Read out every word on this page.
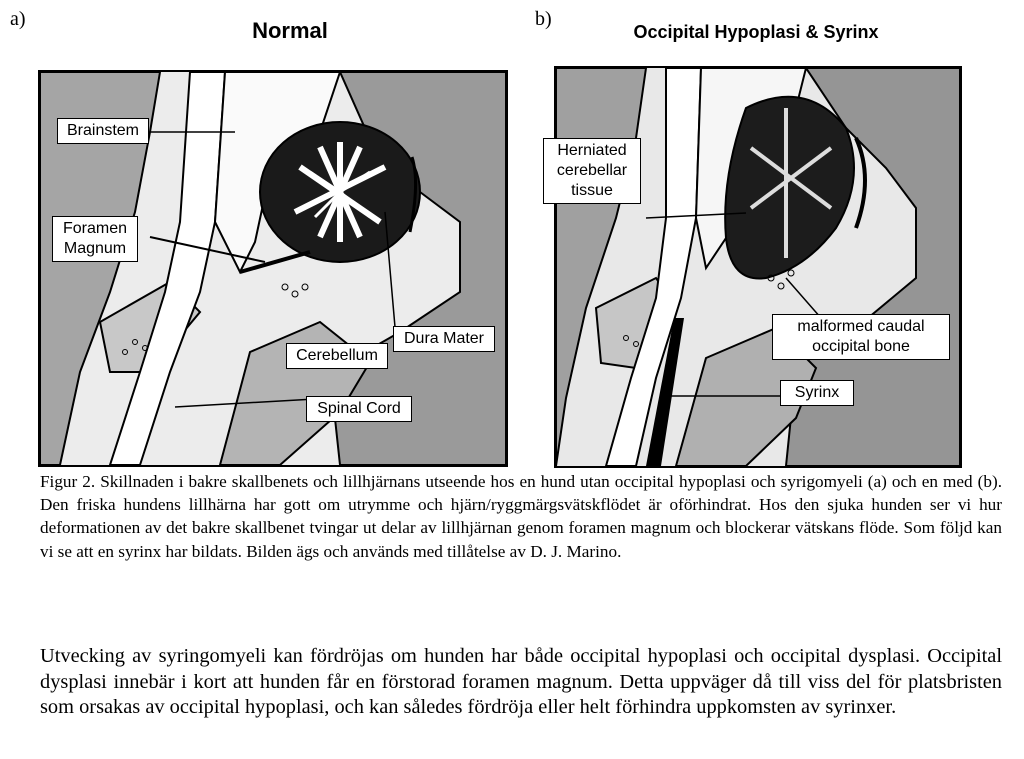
a)	Normal
Brainstem
Foramen
Magnum
Dura Mater
Cerebellum
Spinal Cord
b)
Occipital Hypoplasi & Syrinx
Herniated
cerebellar
tissue
malformed caudal
occipital bone
Syrinx

Figur 2. Skillnaden i bakre skallbenets och lillhjärnans utseende hos en hund utan occipital hypoplasi och syrigomyeli (a) och en med (b). Den friska hundens lillhärna har gott om utrymme och hjärn/ryggmärgsvätskflödet är oförhindrat. Hos den sjuka hunden ser vi hur deformationen av det bakre skallbenet tvingar ut delar av lillhjärnan genom foramen magnum och blockerar vätskans flöde. Som följd kan vi se att en syrinx har bildats. Bilden ägs och används med tillåtelse av D. J. Marino.

Utvecking av syringomyeli kan fördröjas om hunden har både occipital hypoplasi och occipital dysplasi. Occipital dysplasi innebär i kort att hunden får en förstorad foramen magnum. Detta uppväger då till viss del för platsbristen som orsakas av occipital hypoplasi, och kan således fördröja eller helt förhindra uppkomsten av syrinxer.
